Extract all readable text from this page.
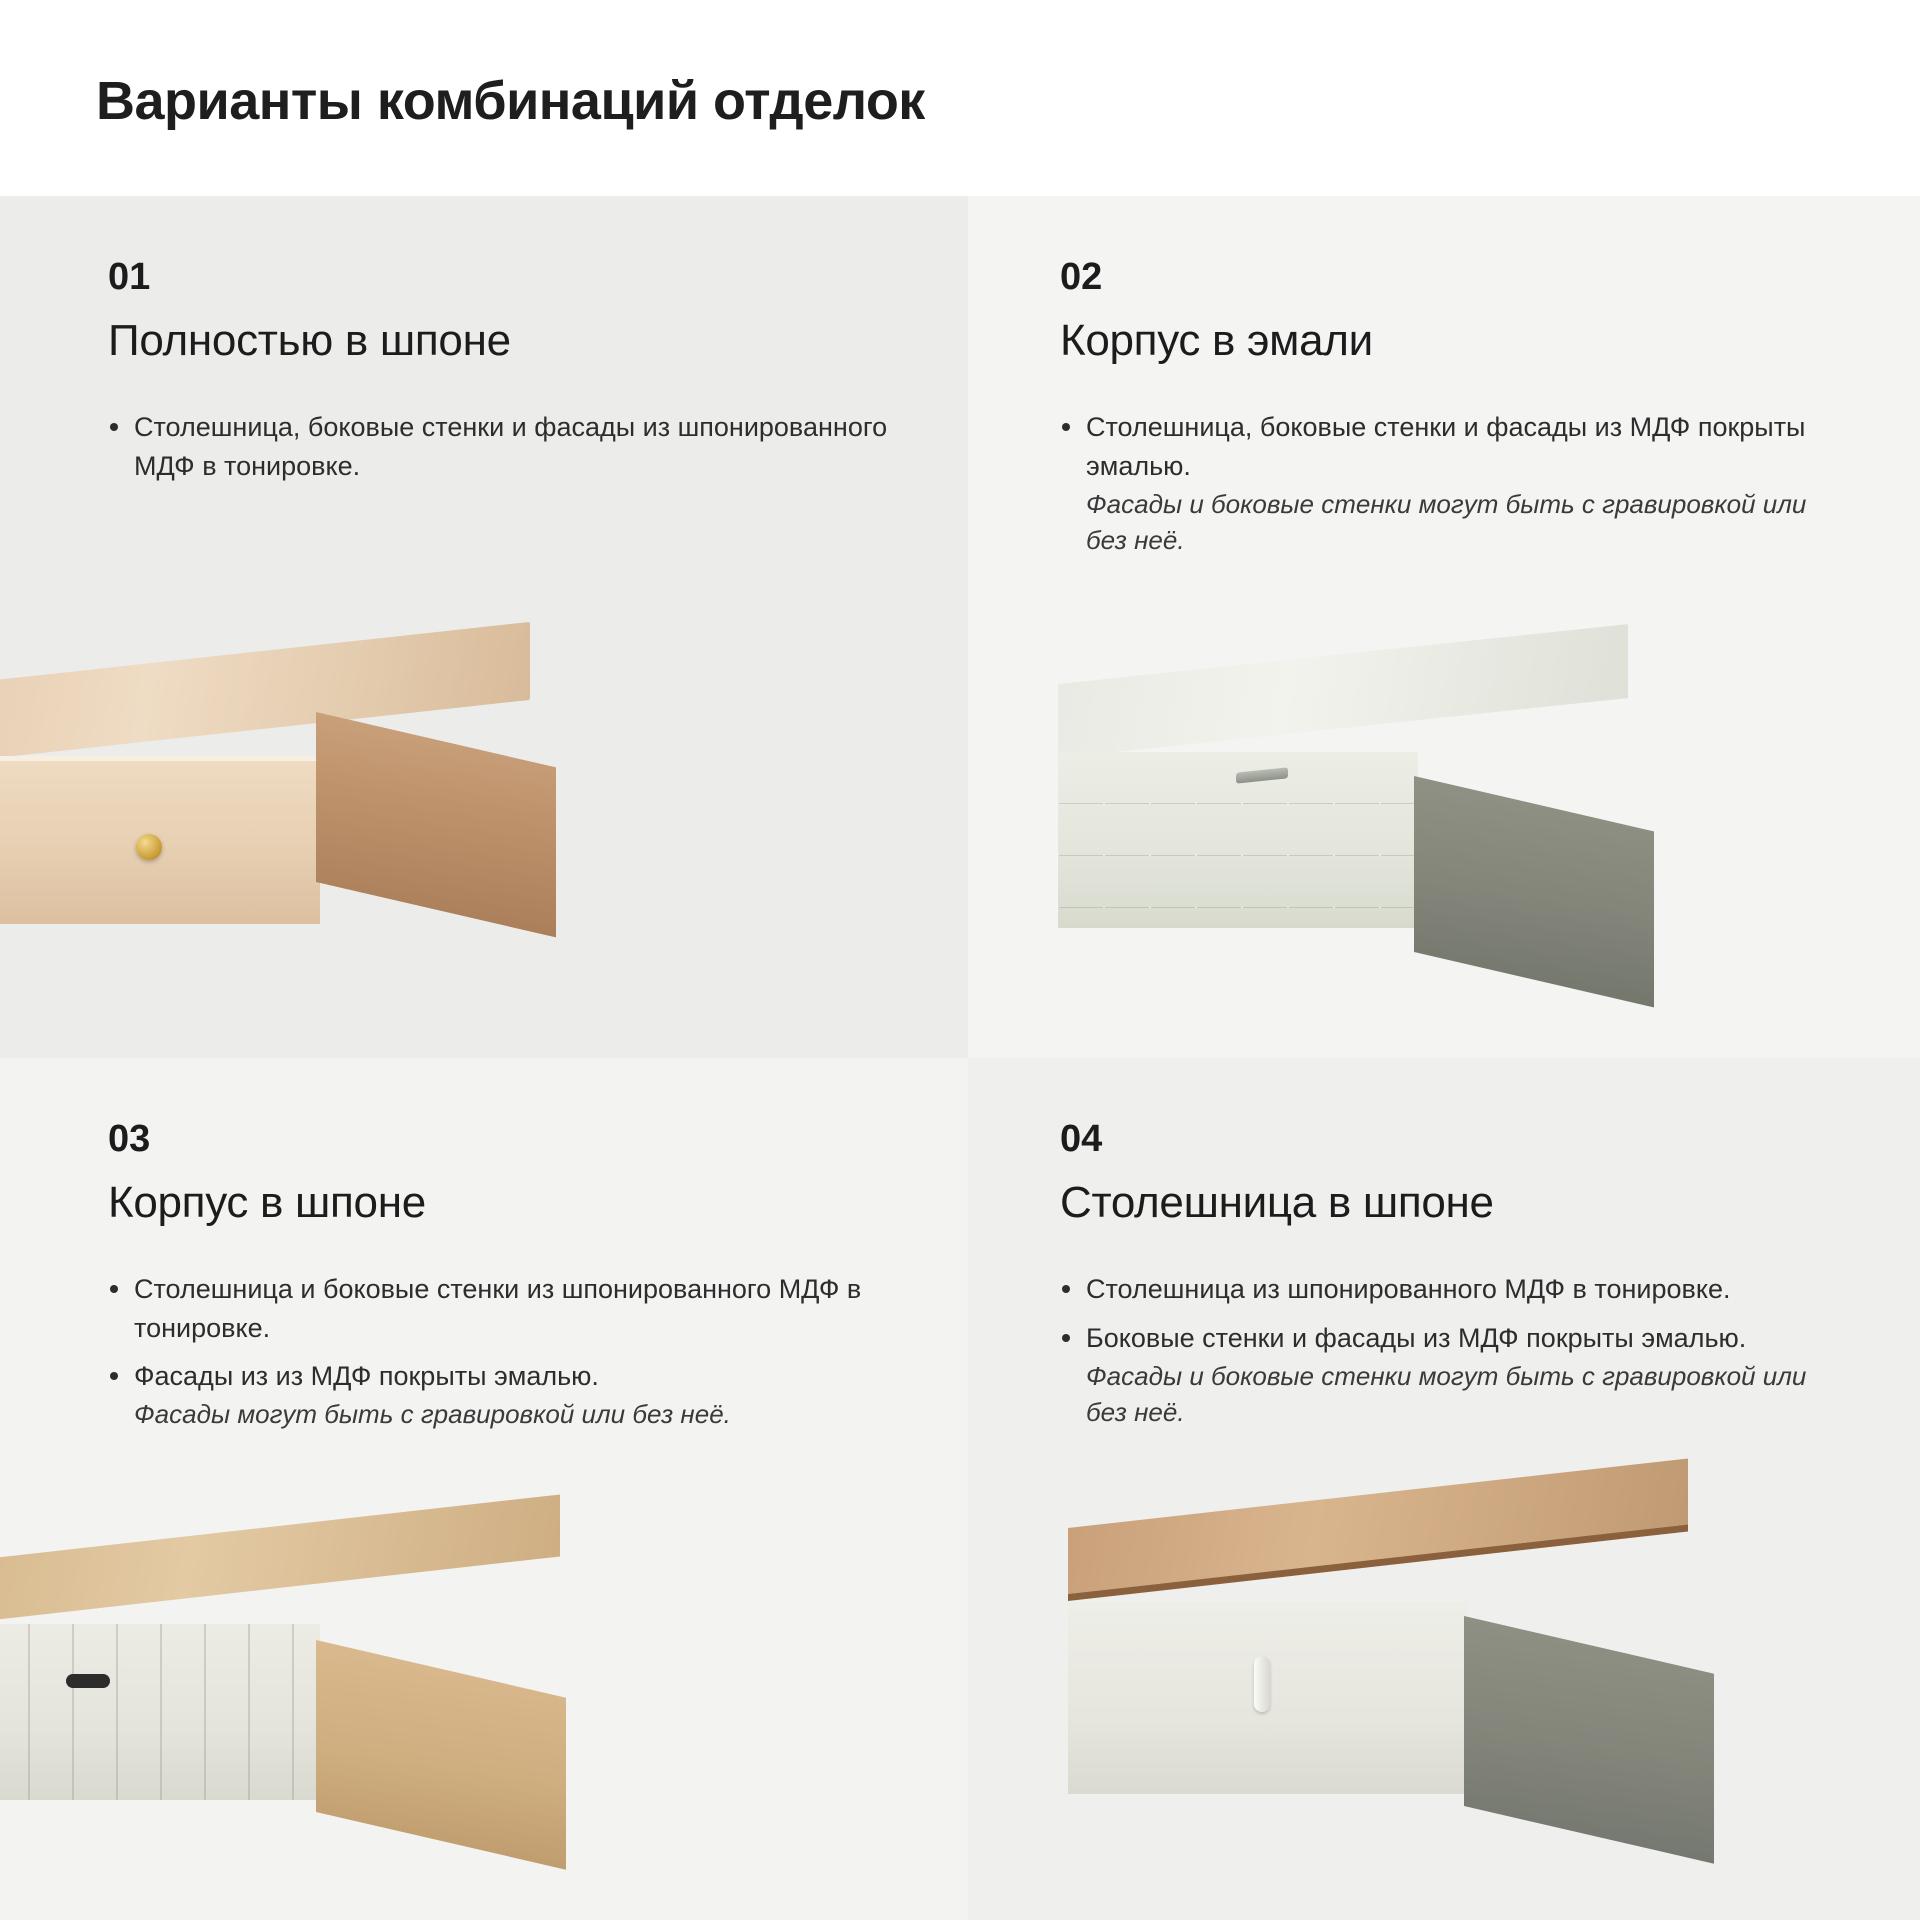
Варианты комбинаций отделок
01
Полностью в шпоне
Столешница, боковые стенки и фасады из шпонированного МДФ в тонировке.
02
Корпус в эмали
Столешница, боковые стенки и фасады из МДФ покрыты эмалью.
Фасады и боковые стенки могут быть с гравировкой или без неё.
03
Корпус в шпоне
Столешница и боковые стенки из шпонированного МДФ в тонировке.
Фасады из из МДФ покрыты эмалью.
Фасады могут быть с гравировкой или без неё.
04
Столешница в шпоне
Столешница из шпонированного МДФ в тонировке.
Боковые стенки и фасады из МДФ покрыты эмалью.
Фасады и боковые стенки могут быть с гравировкой или без неё.
